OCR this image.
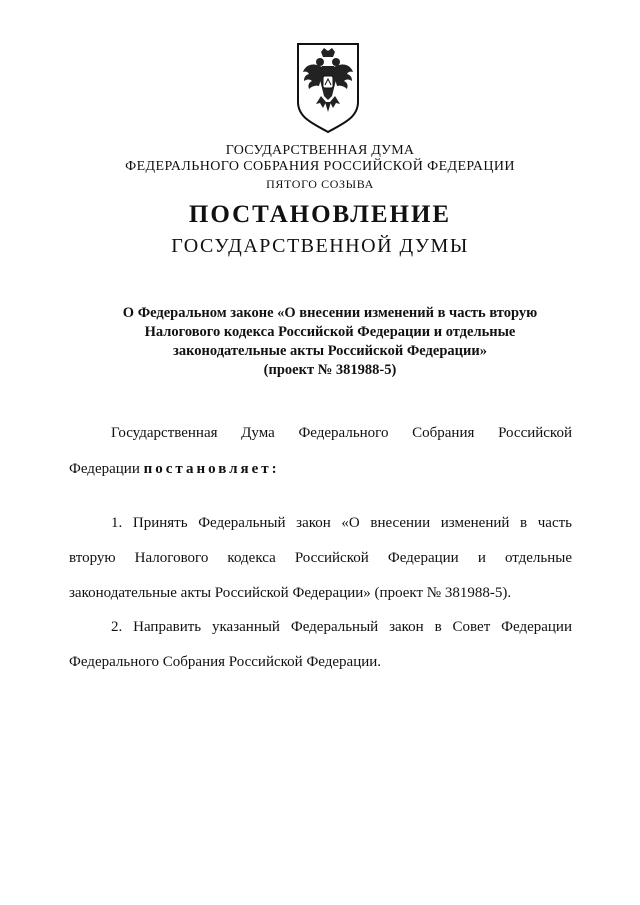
ГОСУДАРСТВЕННАЯ ДУМА
ФЕДЕРАЛЬНОГО СОБРАНИЯ РОССИЙСКОЙ ФЕДЕРАЦИИ
ПЯТОГО СОЗЫВА
ПОСТАНОВЛЕНИЕ
ГОСУДАРСТВЕННОЙ ДУМЫ
О Федеральном законе «О внесении изменений в часть вторую
Налогового кодекса Российской Федерации и отдельные
законодательные акты Российской Федерации»
(проект № 381988-5)
Государственная Дума Федерального Собрания Российской
Федерации постановляет:
1. Принять Федеральный закон «О внесении изменений в часть
вторую Налогового кодекса Российской Федерации и отдельные
законодательные акты Российской Федерации» (проект № 381988-5).
2. Направить указанный Федеральный закон в Совет Федерации
Федерального Собрания Российской Федерации.
